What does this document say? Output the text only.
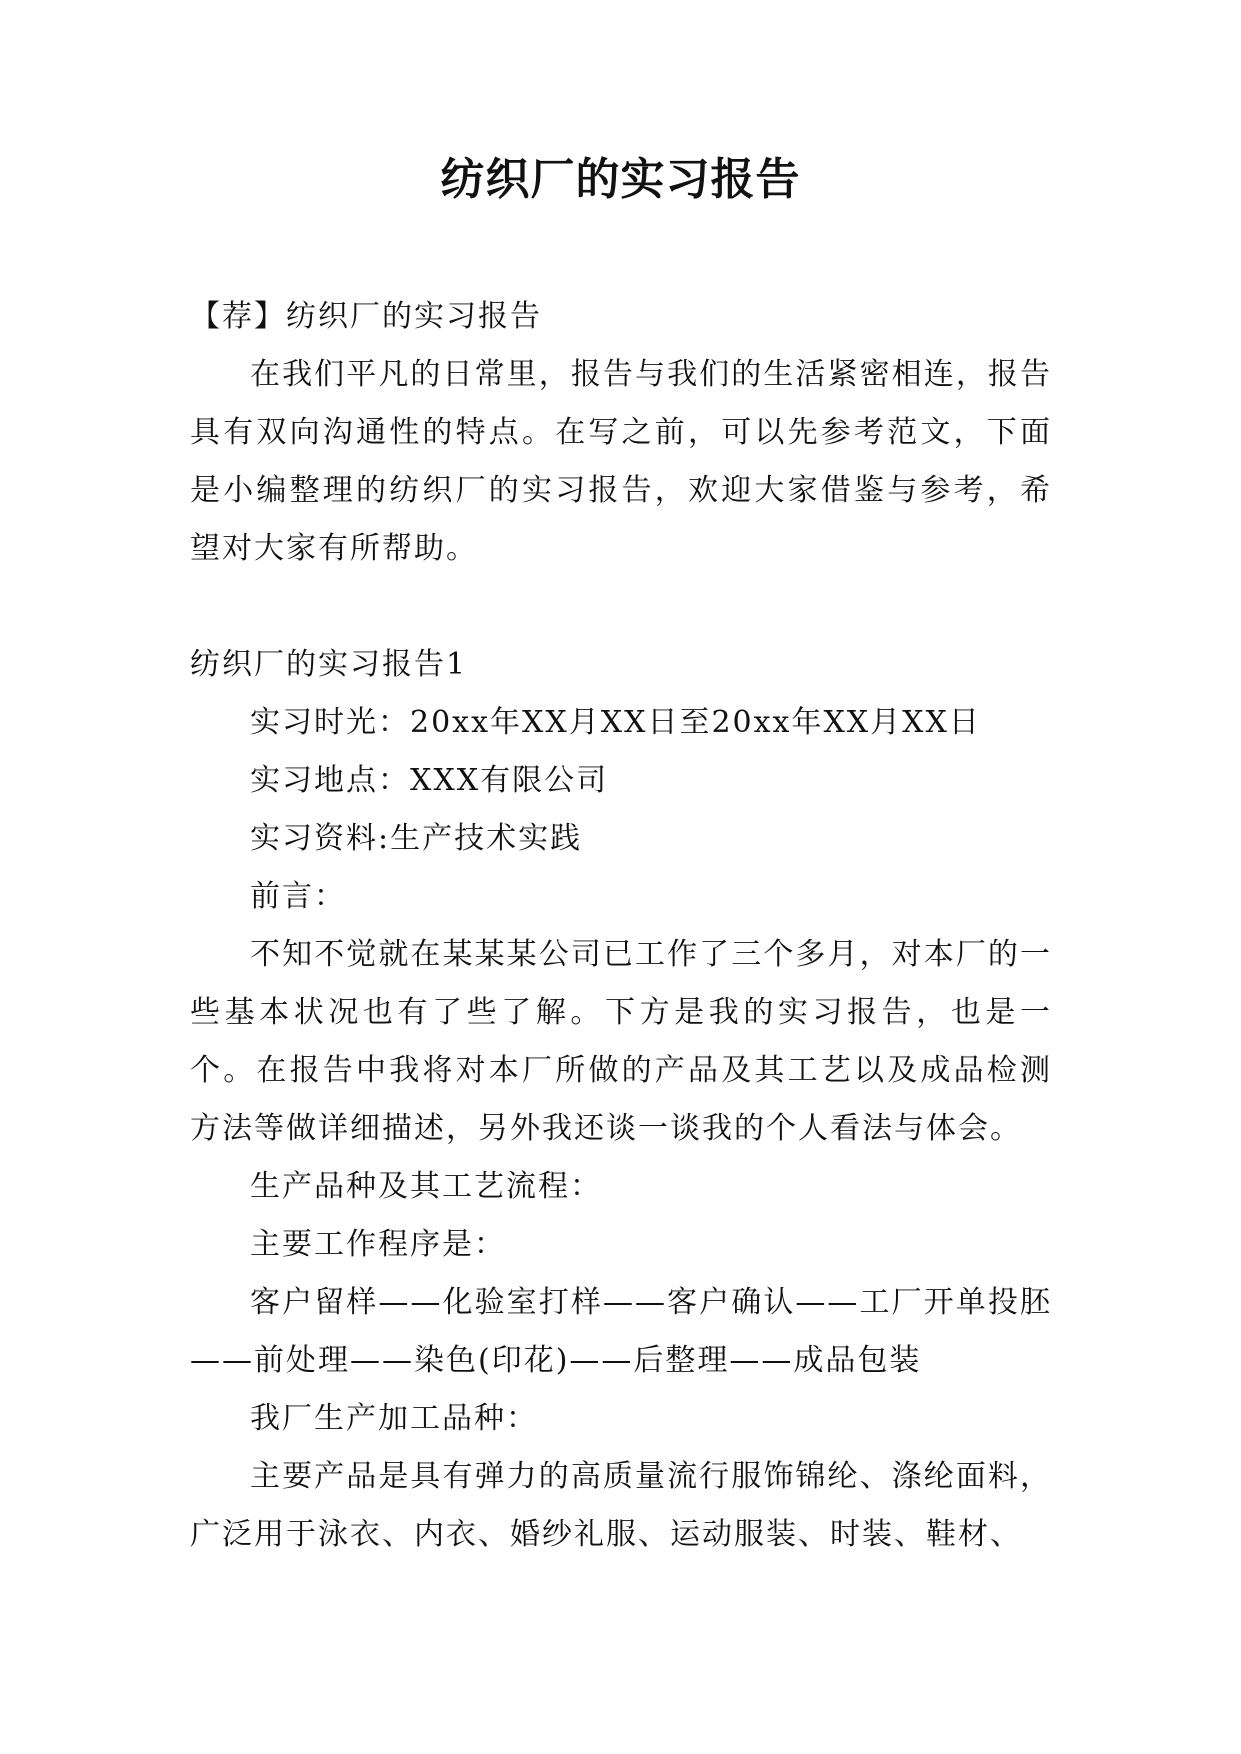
纺织厂的实习报告

【荐】纺织厂的实习报告

在我们平凡的日常里，报告与我们的生活紧密相连，报告具有双向沟通性的特点。在写之前，可以先参考范文，下面是小编整理的纺织厂的实习报告，欢迎大家借鉴与参考，希望对大家有所帮助。

纺织厂的实习报告1

实习时光：20xx年XX月XX日至20xx年XX月XX日

实习地点：XXX有限公司

实习资料:生产技术实践

前言：

不知不觉就在某某某公司已工作了三个多月，对本厂的一些基本状况也有了些了解。下方是我的实习报告，也是一个。在报告中我将对本厂所做的产品及其工艺以及成品检测方法等做详细描述，另外我还谈一谈我的个人看法与体会。

生产品种及其工艺流程：

主要工作程序是：

客户留样——化验室打样——客户确认——工厂开单投胚——前处理——染色(印花)——后整理——成品包装

我厂生产加工品种：

主要产品是具有弹力的高质量流行服饰锦纶、涤纶面料，广泛用于泳衣、内衣、婚纱礼服、运动服装、时装、鞋材、
